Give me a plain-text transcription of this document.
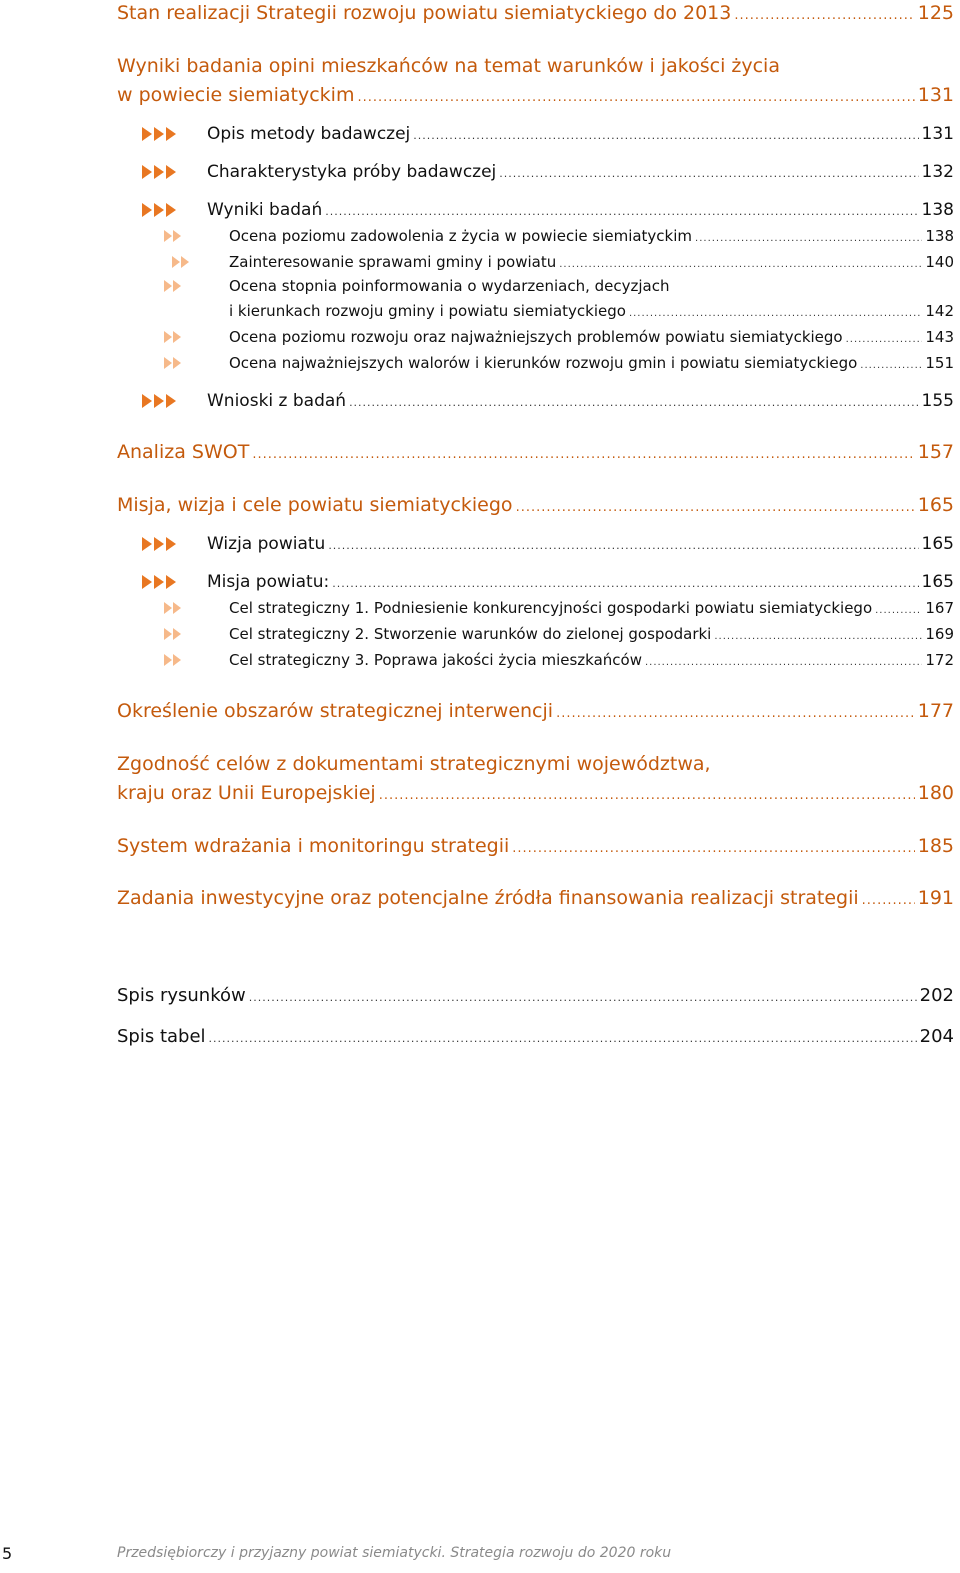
Stan realizacji Strategii rozwoju powiatu siemiatyckiego do 2013 .....	125
Wyniki badania opini mieszkańców na temat warunków i jakości życia
w powiecie siemiatyckim .....	131
Opis metody badawczej .....	131
Charakterystyka próby badawczej .....	132
Wyniki badań .....	138
Ocena poziomu zadowolenia z życia w powiecie siemiatyckim .....	138
Zainteresowanie sprawami gminy i powiatu .....	140
Ocena stopnia poinformowania o wydarzeniach, decyzjach
i kierunkach rozwoju gminy i powiatu siemiatyckiego .....	142
Ocena poziomu rozwoju oraz najważniejszych problemów powiatu siemiatyckiego .....	143
Ocena najważniejszych walorów i kierunków rozwoju gmin i powiatu siemiatyckiego .....	151
Wnioski z badań .....	155
Analiza SWOT .....	157
Misja, wizja i cele powiatu siemiatyckiego .....	165
Wizja powiatu .....	165
Misja powiatu: .....	165
Cel strategiczny 1. Podniesienie konkurencyjności gospodarki powiatu siemiatyckiego .....	167
Cel strategiczny 2. Stworzenie warunków do zielonej gospodarki .....	169
Cel strategiczny 3. Poprawa jakości życia mieszkańców .....	172
Określenie obszarów strategicznej interwencji .....	177
Zgodność celów z dokumentami strategicznymi województwa,
kraju oraz Unii Europejskiej .....	180
System wdrażania i monitoringu strategii .....	185
Zadania inwestycyjne oraz potencjalne źródła finansowania realizacji strategii .....	191
Spis rysunków .....	202
Spis tabel .....	204
5	Przedsiębiorczy i przyjazny powiat siemiatycki. Strategia rozwoju do 2020 roku
